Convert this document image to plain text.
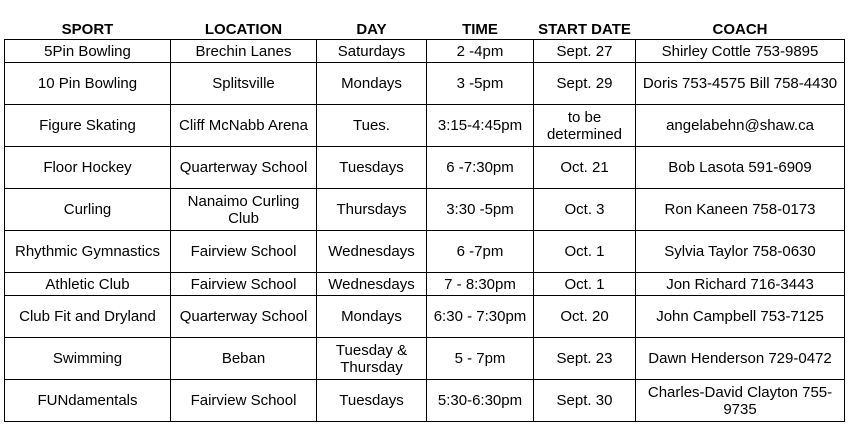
SPORT	LOCATION	DAY	TIME	START DATE	COACH
5Pin Bowling	Brechin Lanes	Saturdays	2 -4pm	Sept. 27	Shirley Cottle 753-9895
10 Pin Bowling	Splitsville	Mondays	3 -5pm	Sept. 29	Doris 753-4575 Bill 758-4430
Figure Skating	Cliff McNabb Arena	Tues.	3:15-4:45pm	to be determined	angelabehn@shaw.ca
Floor Hockey	Quarterway School	Tuesdays	6 -7:30pm	Oct. 21	Bob Lasota 591-6909
Curling	Nanaimo Curling Club	Thursdays	3:30 -5pm	Oct. 3	Ron Kaneen 758-0173
Rhythmic Gymnastics	Fairview School	Wednesdays	6 -7pm	Oct. 1	Sylvia Taylor 758-0630
Athletic Club	Fairview School	Wednesdays	7 - 8:30pm	Oct. 1	Jon Richard 716-3443
Club Fit and Dryland	Quarterway School	Mondays	6:30 - 7:30pm	Oct. 20	John Campbell 753-7125
Swimming	Beban	Tuesday & Thursday	5 - 7pm	Sept. 23	Dawn Henderson 729-0472
FUNdamentals	Fairview School	Tuesdays	5:30-6:30pm	Sept. 30	Charles-David Clayton 755-9735
